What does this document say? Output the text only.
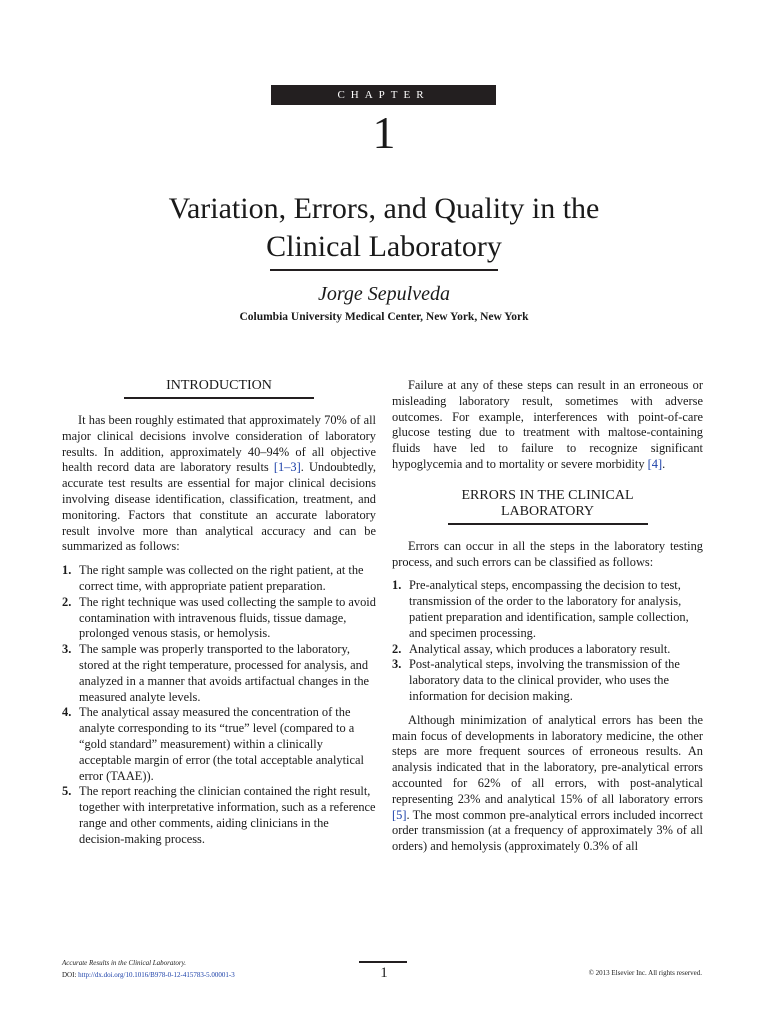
CHAPTER
1
Variation, Errors, and Quality in the
Clinical Laboratory
Jorge Sepulveda
Columbia University Medical Center, New York, New York
INTRODUCTION

It has been roughly estimated that approximately 70% of all major clinical decisions involve consideration of laboratory results. In addition, approximately 40–94% of all objective health record data are laboratory results [1–3]. Undoubtedly, accurate test results are essential for major clinical decisions involving disease identification, classification, treatment, and monitoring. Factors that constitute an accurate laboratory result involve more than analytical accuracy and can be summarized as follows:

1. The right sample was collected on the right patient, at the correct time, with appropriate patient preparation.
2. The right technique was used collecting the sample to avoid contamination with intravenous fluids, tissue damage, prolonged venous stasis, or hemolysis.
3. The sample was properly transported to the laboratory, stored at the right temperature, processed for analysis, and analyzed in a manner that avoids artifactual changes in the measured analyte levels.
4. The analytical assay measured the concentration of the analyte corresponding to its “true” level (compared to a “gold standard” measurement) within a clinically acceptable margin of error (the total acceptable analytical error (TAAE)).
5. The report reaching the clinician contained the right result, together with interpretative information, such as a reference range and other comments, aiding clinicians in the decision-making process.

Failure at any of these steps can result in an erroneous or misleading laboratory result, sometimes with adverse outcomes. For example, interferences with point-of-care glucose testing due to treatment with maltose-containing fluids have led to failure to recognize significant hypoglycemia and to mortality or severe morbidity [4].

ERRORS IN THE CLINICAL
LABORATORY

Errors can occur in all the steps in the laboratory testing process, and such errors can be classified as follows:

1. Pre-analytical steps, encompassing the decision to test, transmission of the order to the laboratory for analysis, patient preparation and identification, sample collection, and specimen processing.
2. Analytical assay, which produces a laboratory result.
3. Post-analytical steps, involving the transmission of the laboratory data to the clinical provider, who uses the information for decision making.

Although minimization of analytical errors has been the main focus of developments in laboratory medicine, the other steps are more frequent sources of erroneous results. An analysis indicated that in the laboratory, pre-analytical errors accounted for 62% of all errors, with post-analytical representing 23% and analytical 15% of all laboratory errors [5]. The most common pre-analytical errors included incorrect order transmission (at a frequency of approximately 3% of all orders) and hemolysis (approximately 0.3% of all

Accurate Results in the Clinical Laboratory.
DOI: http://dx.doi.org/10.1016/B978-0-12-415783-5.00001-3	1	© 2013 Elsevier Inc. All rights reserved.
